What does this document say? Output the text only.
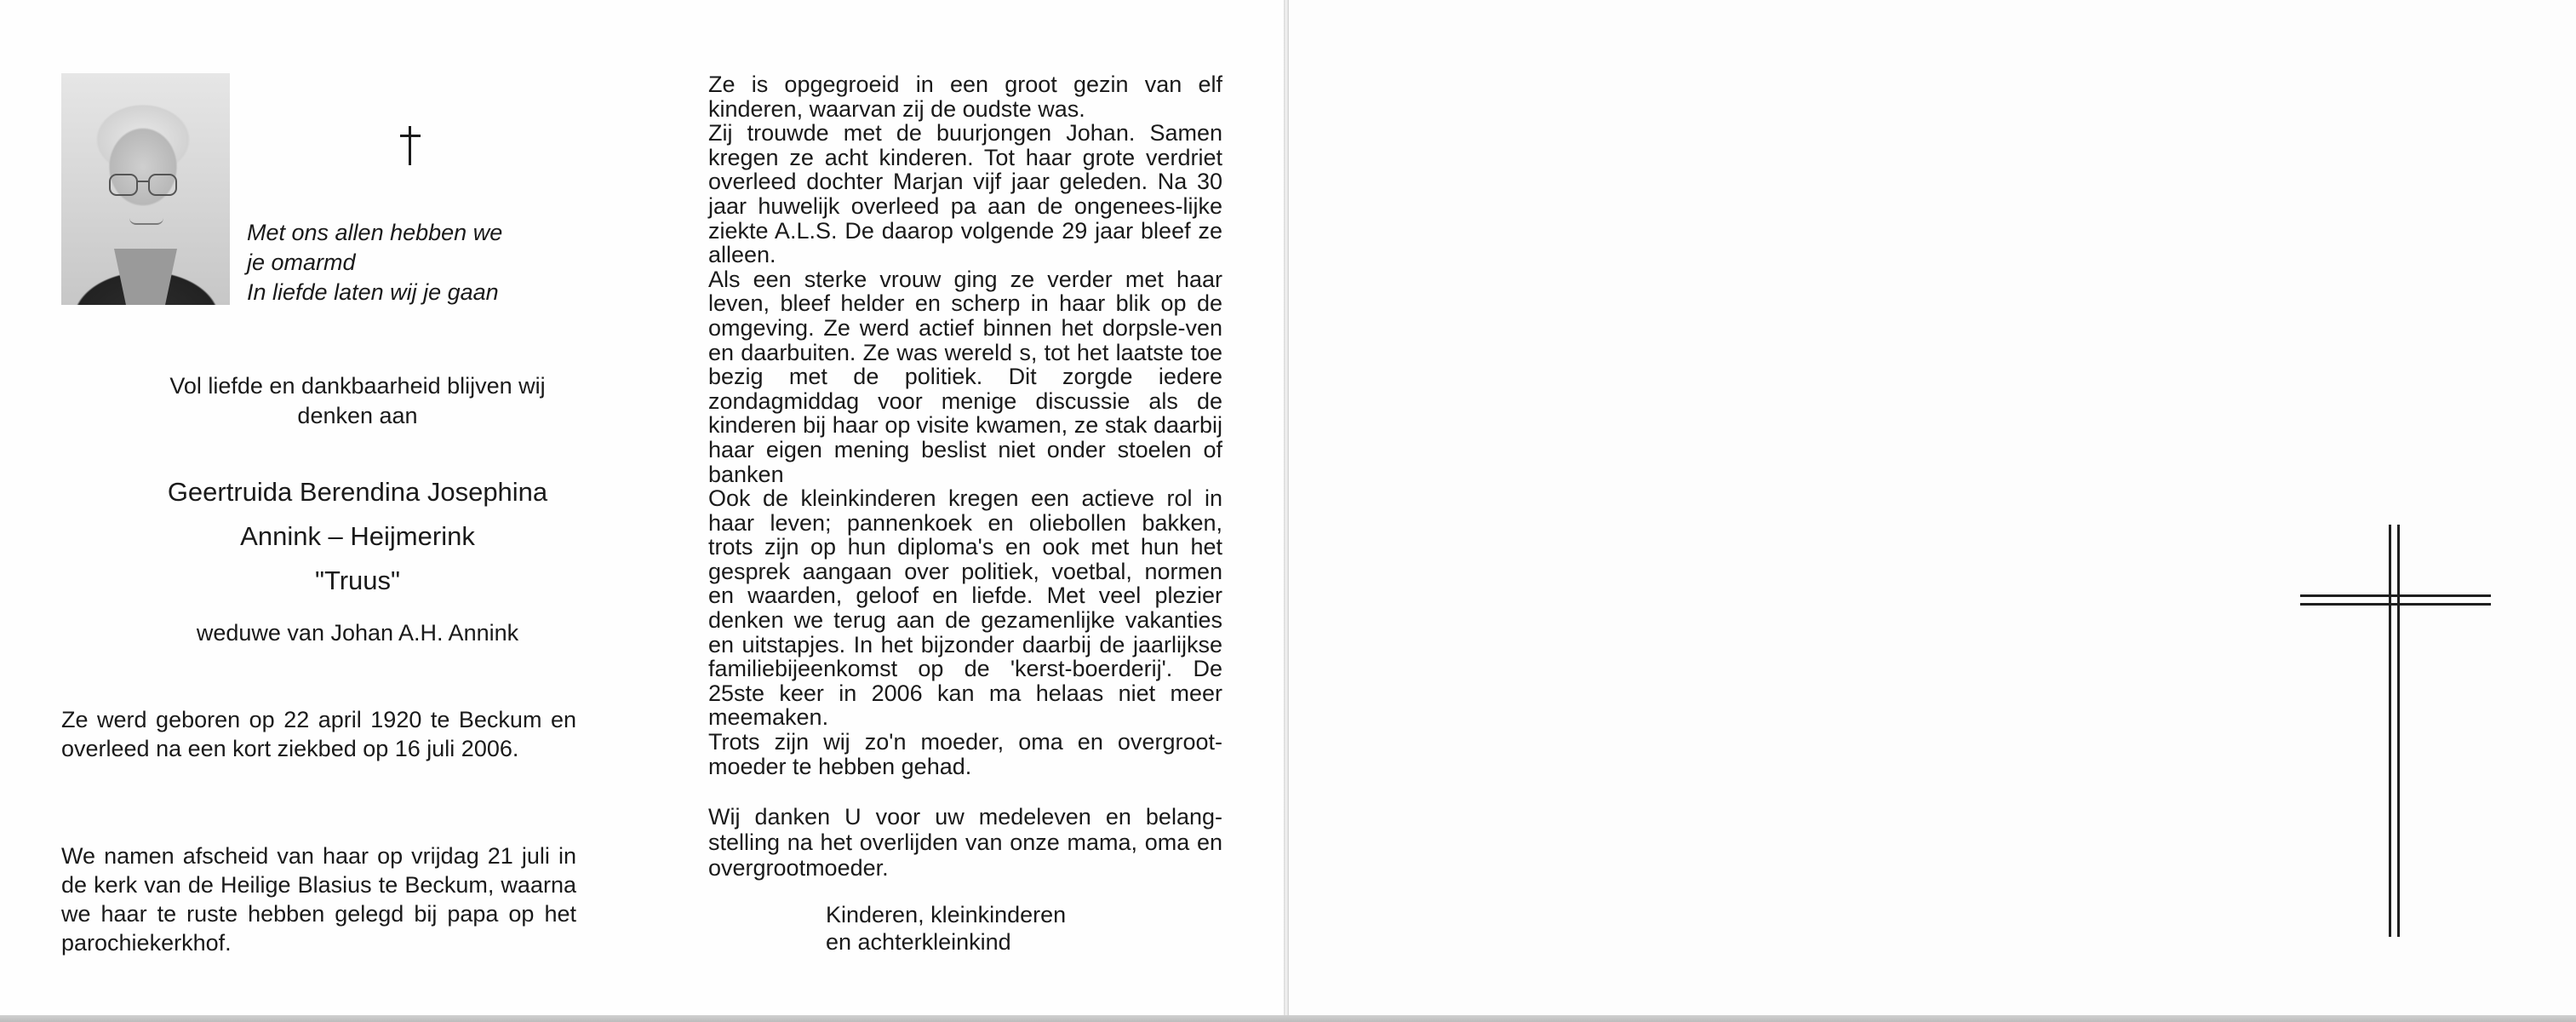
Met ons allen hebben we
je omarmd
In liefde laten wij je gaan
Vol liefde en dankbaarheid blijven wij
denken aan
Geertruida Berendina Josephina
Annink – Heijmerink
"Truus"
weduwe van Johan A.H. Annink
Ze werd geboren op 22 april 1920 te Beckum en overleed na een kort ziekbed op 16 juli 2006.
We namen afscheid van haar op vrijdag 21 juli in de kerk van de Heilige Blasius te Beckum, waarna we haar te ruste hebben gelegd bij papa op het parochiekerkhof.

Ze is opgegroeid in een groot gezin van elf kinderen, waarvan zij de oudste was.

Zij trouwde met de buurjongen Johan. Samen kregen ze acht kinderen. Tot haar grote verdriet overleed dochter Marjan vijf jaar geleden. Na 30 jaar huwelijk overleed pa aan de ongenees-lijke ziekte A.L.S. De daarop volgende 29 jaar bleef ze alleen.

Als een sterke vrouw ging ze verder met haar leven, bleef helder en scherp in haar blik op de omgeving. Ze werd actief binnen het dorpsle-ven en daarbuiten. Ze was wereld s, tot het laatste toe bezig met de politiek. Dit zorgde iedere zondagmiddag voor menige discussie als de kinderen bij haar op visite kwamen, ze stak daarbij haar eigen mening beslist niet onder stoelen of banken

Ook de kleinkinderen kregen een actieve rol in haar leven; pannenkoek en oliebollen bakken, trots zijn op hun diploma's en ook met hun het gesprek aangaan over politiek, voetbal, normen en waarden, geloof en liefde. Met veel plezier denken we terug aan de gezamenlijke vakanties en uitstapjes. In het bijzonder daarbij de jaarlijkse familiebijeenkomst op de 'kerst-boerderij'. De 25ste keer in 2006 kan ma helaas niet meer meemaken.

Trots zijn wij zo'n moeder, oma en overgroot-moeder te hebben gehad.

Wij danken U voor uw medeleven en belang-stelling na het overlijden van onze mama, oma en overgrootmoeder.
Kinderen, kleinkinderen
en achterkleinkind
